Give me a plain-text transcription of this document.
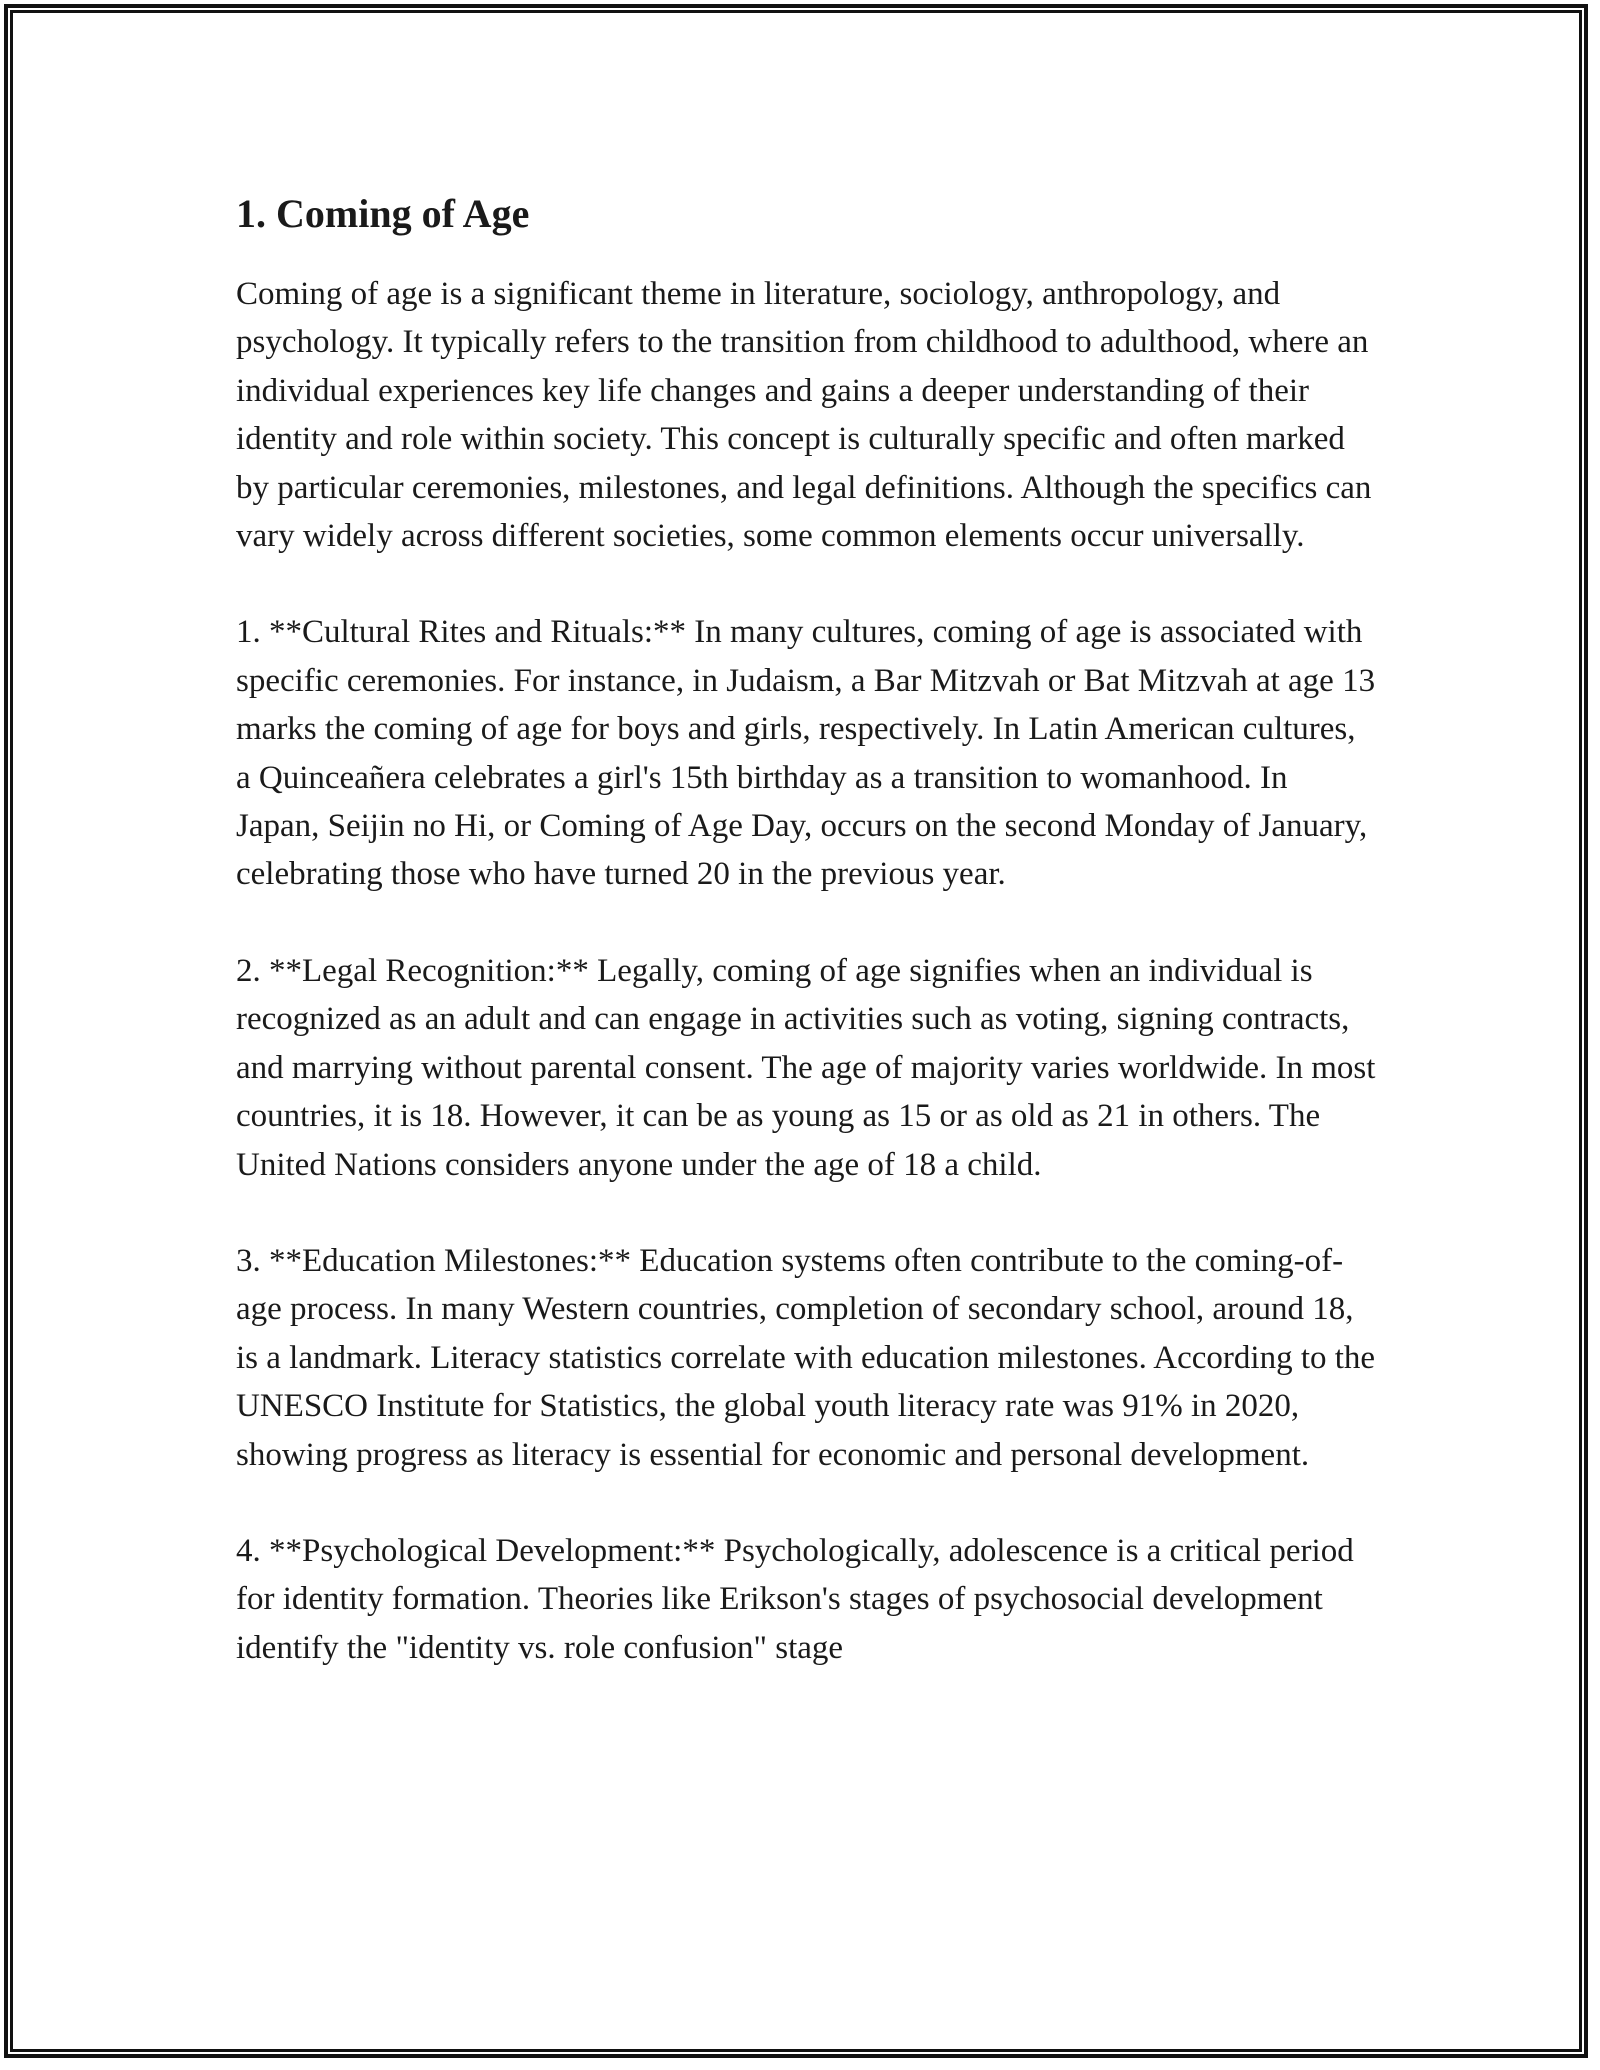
1. Coming of Age

Coming of age is a significant theme in literature, sociology, anthropology, and psychology. It typically refers to the transition from childhood to adulthood, where an individual experiences key life changes and gains a deeper understanding of their identity and role within society. This concept is culturally specific and often marked by particular ceremonies, milestones, and legal definitions. Although the specifics can vary widely across different societies, some common elements occur universally.

1. **Cultural Rites and Rituals:** In many cultures, coming of age is associated with specific ceremonies. For instance, in Judaism, a Bar Mitzvah or Bat Mitzvah at age 13 marks the coming of age for boys and girls, respectively. In Latin American cultures, a Quinceañera celebrates a girl's 15th birthday as a transition to womanhood. In Japan, Seijin no Hi, or Coming of Age Day, occurs on the second Monday of January, celebrating those who have turned 20 in the previous year.

2. **Legal Recognition:** Legally, coming of age signifies when an individual is recognized as an adult and can engage in activities such as voting, signing contracts, and marrying without parental consent. The age of majority varies worldwide. In most countries, it is 18. However, it can be as young as 15 or as old as 21 in others. The United Nations considers anyone under the age of 18 a child.

3. **Education Milestones:** Education systems often contribute to the coming-of-age process. In many Western countries, completion of secondary school, around 18, is a landmark. Literacy statistics correlate with education milestones. According to the UNESCO Institute for Statistics, the global youth literacy rate was 91% in 2020, showing progress as literacy is essential for economic and personal development.

4. **Psychological Development:** Psychologically, adolescence is a critical period for identity formation. Theories like Erikson's stages of psychosocial development identify the "identity vs. role confusion" stage
